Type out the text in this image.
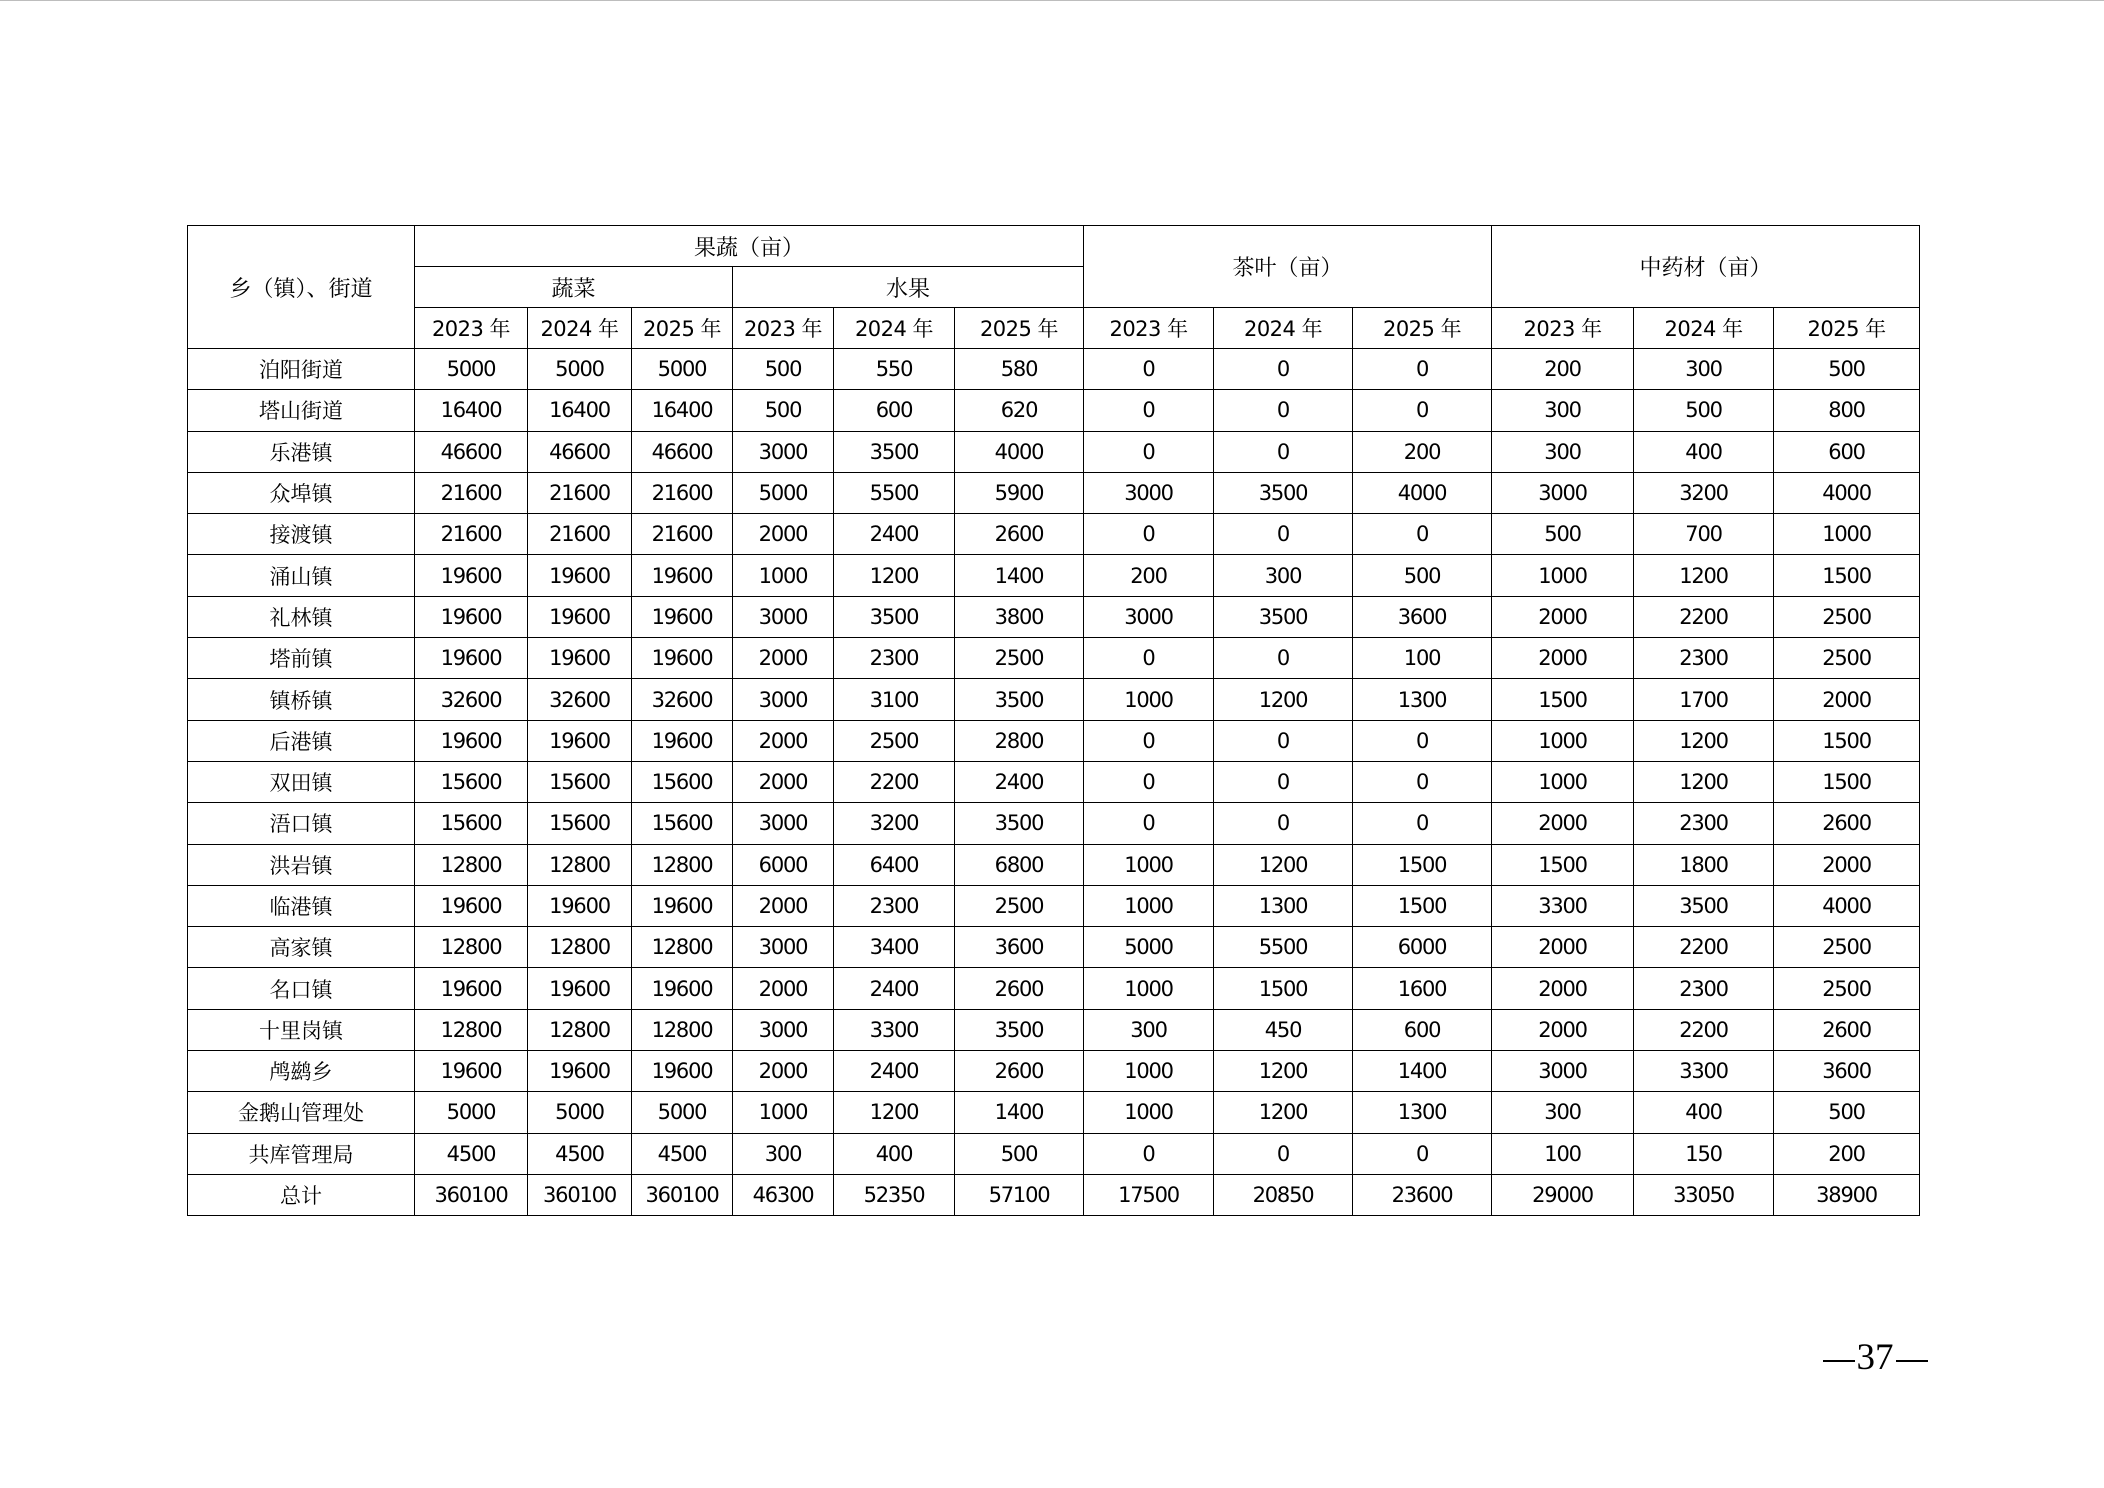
乡（镇）、街道	果蔬（亩）						茶叶（亩）			中药材（亩）		
	蔬菜			水果								
	2023 年	2024 年	2025 年	2023 年	2024 年	2025 年	2023 年	2024 年	2025 年	2023 年	2024 年	2025 年
泊阳街道	5000	5000	5000	500	550	580	0	0	0	200	300	500
塔山街道	16400	16400	16400	500	600	620	0	0	0	300	500	800
乐港镇	46600	46600	46600	3000	3500	4000	0	0	200	300	400	600
众埠镇	21600	21600	21600	5000	5500	5900	3000	3500	4000	3000	3200	4000
接渡镇	21600	21600	21600	2000	2400	2600	0	0	0	500	700	1000
涌山镇	19600	19600	19600	1000	1200	1400	200	300	500	1000	1200	1500
礼林镇	19600	19600	19600	3000	3500	3800	3000	3500	3600	2000	2200	2500
塔前镇	19600	19600	19600	2000	2300	2500	0	0	100	2000	2300	2500
镇桥镇	32600	32600	32600	3000	3100	3500	1000	1200	1300	1500	1700	2000
后港镇	19600	19600	19600	2000	2500	2800	0	0	0	1000	1200	1500
双田镇	15600	15600	15600	2000	2200	2400	0	0	0	1000	1200	1500
浯口镇	15600	15600	15600	3000	3200	3500	0	0	0	2000	2300	2600
洪岩镇	12800	12800	12800	6000	6400	6800	1000	1200	1500	1500	1800	2000
临港镇	19600	19600	19600	2000	2300	2500	1000	1300	1500	3300	3500	4000
高家镇	12800	12800	12800	3000	3400	3600	5000	5500	6000	2000	2200	2500
名口镇	19600	19600	19600	2000	2400	2600	1000	1500	1600	2000	2300	2500
十里岗镇	12800	12800	12800	3000	3300	3500	300	450	600	2000	2200	2600
鸬鹚乡	19600	19600	19600	2000	2400	2600	1000	1200	1400	3000	3300	3600
金鹅山管理处	5000	5000	5000	1000	1200	1400	1000	1200	1300	300	400	500
共库管理局	4500	4500	4500	300	400	500	0	0	0	100	150	200
总计	360100	360100	360100	46300	52350	57100	17500	20850	23600	29000	33050	38900
37
